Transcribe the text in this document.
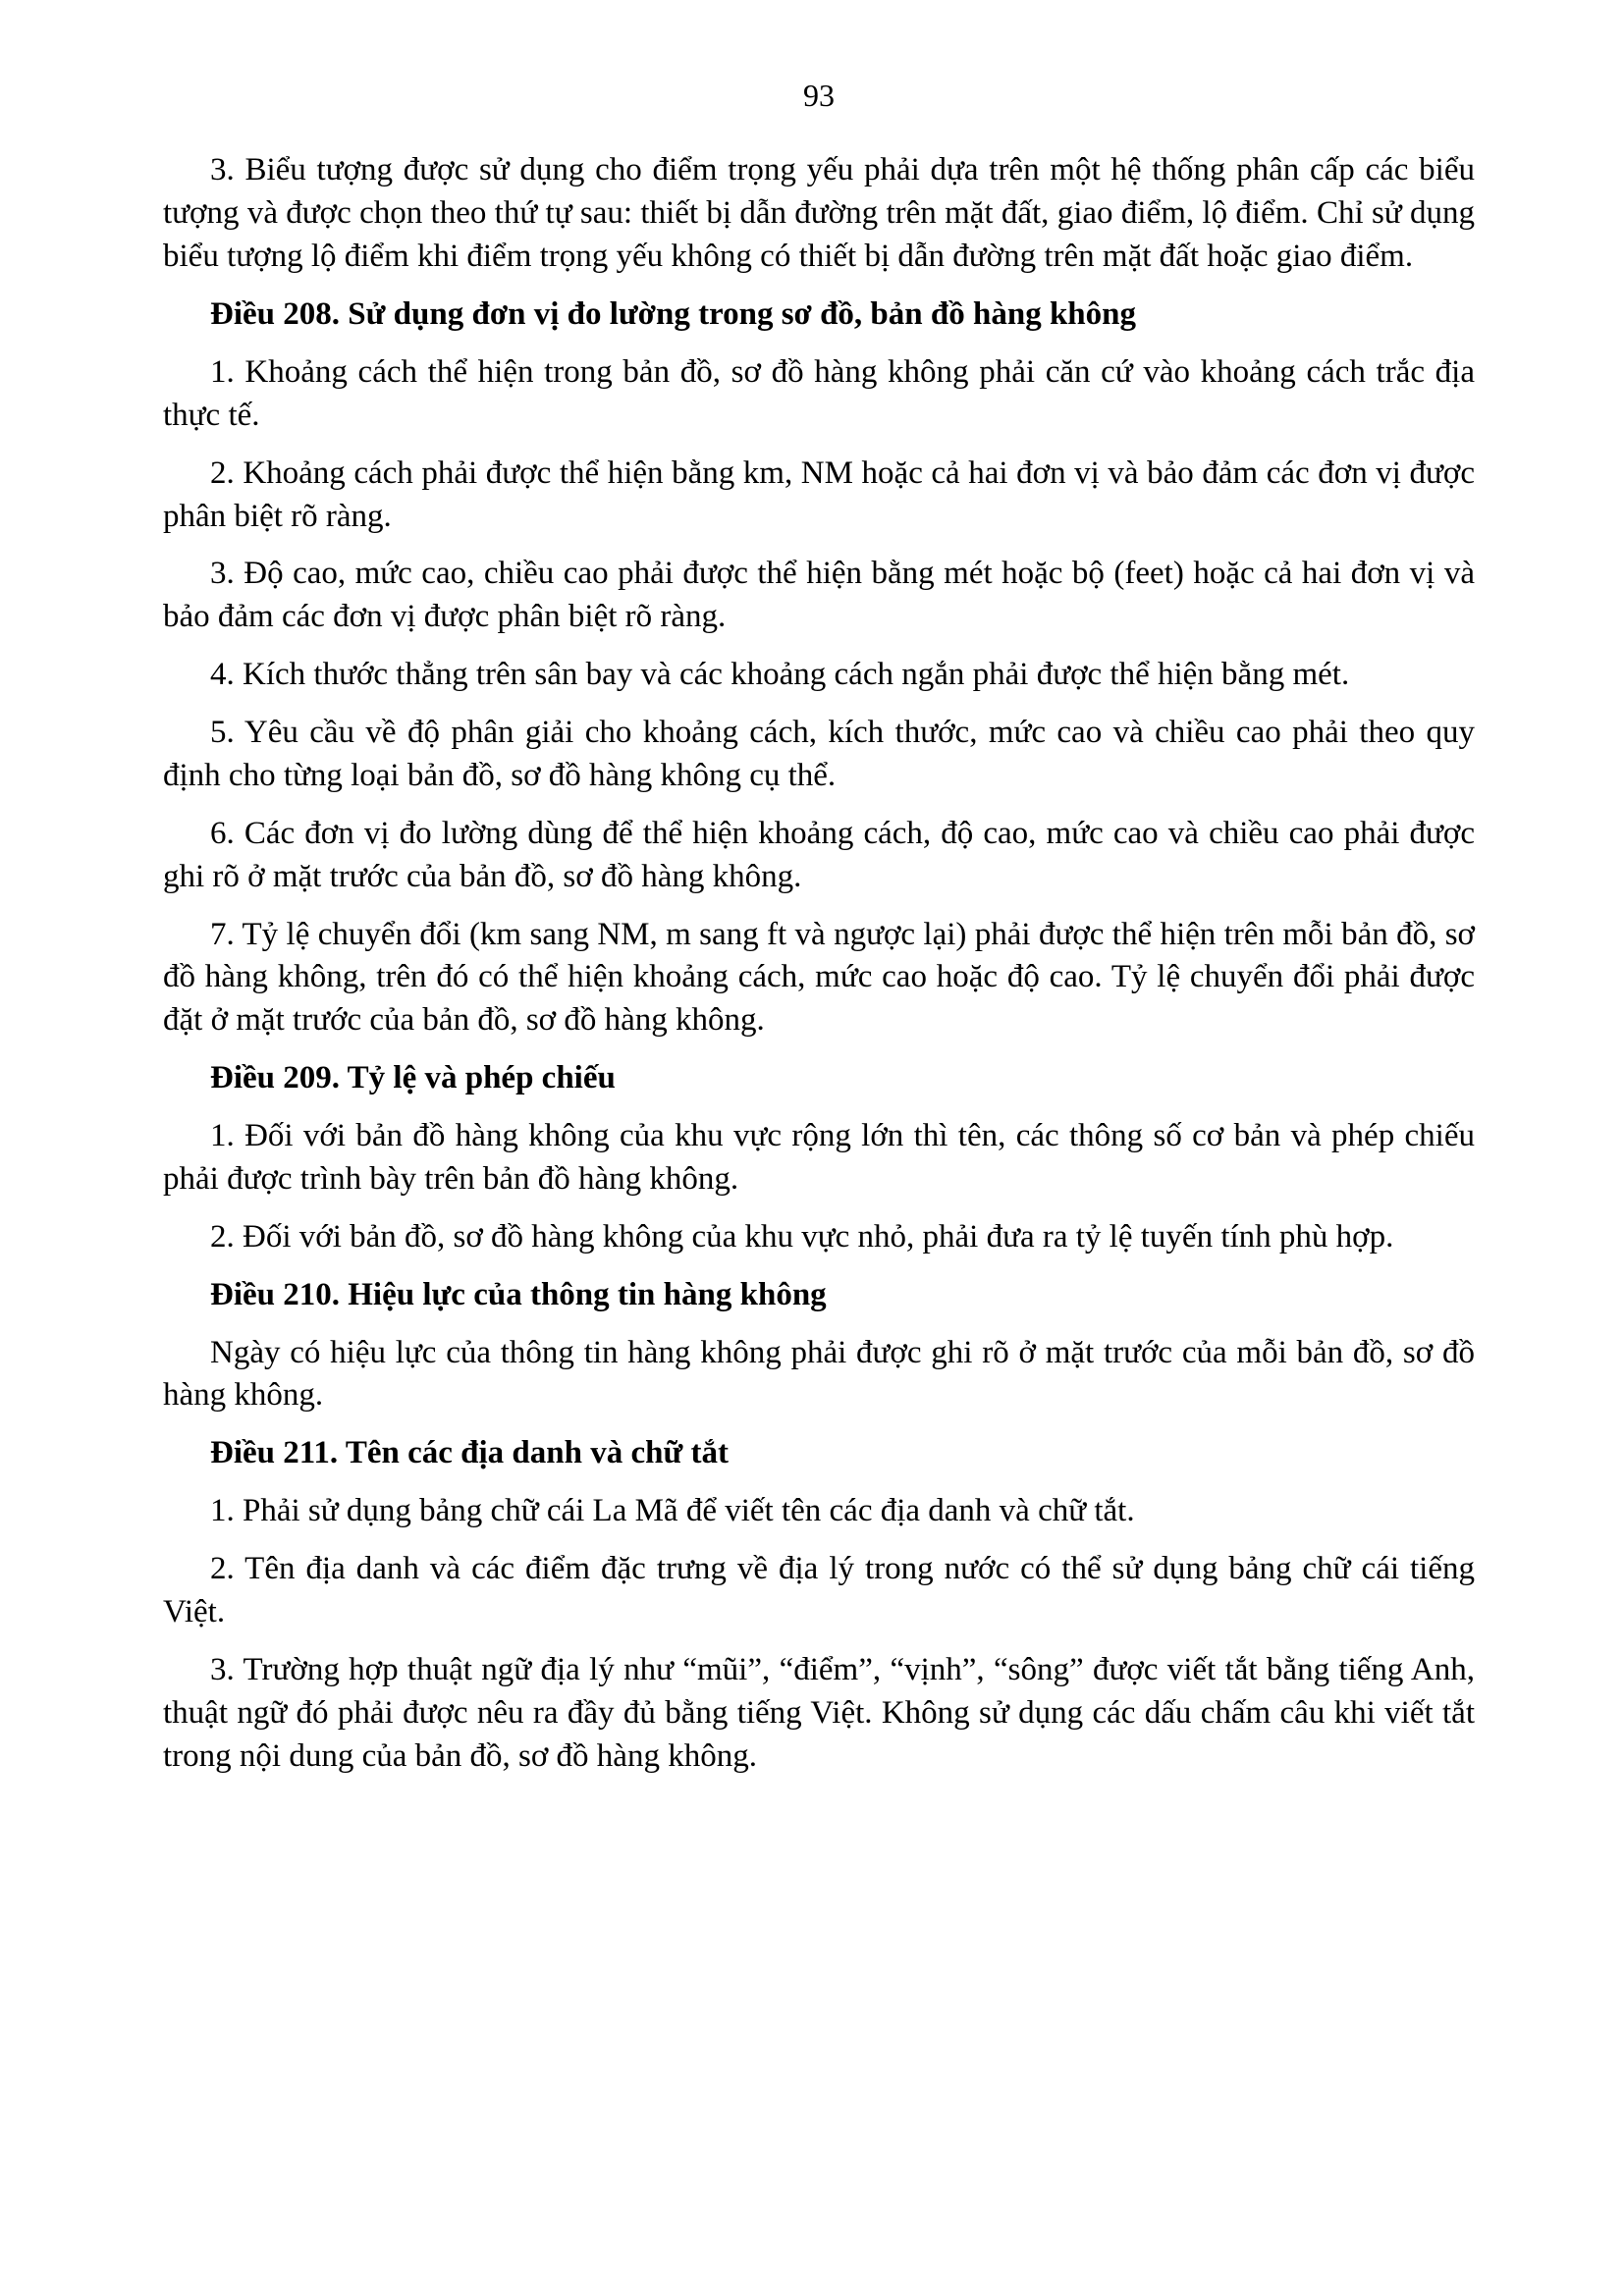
93

3. Biểu tượng được sử dụng cho điểm trọng yếu phải dựa trên một hệ thống phân cấp các biểu tượng và được chọn theo thứ tự sau: thiết bị dẫn đường trên mặt đất, giao điểm, lộ điểm. Chỉ sử dụng biểu tượng lộ điểm khi điểm trọng yếu không có thiết bị dẫn đường trên mặt đất hoặc giao điểm.

Điều 208. Sử dụng đơn vị đo lường trong sơ đồ, bản đồ hàng không

1. Khoảng cách thể hiện trong bản đồ, sơ đồ hàng không phải căn cứ vào khoảng cách trắc địa thực tế.

2. Khoảng cách phải được thể hiện bằng km, NM hoặc cả hai đơn vị và bảo đảm các đơn vị được phân biệt rõ ràng.

3. Độ cao, mức cao, chiều cao phải được thể hiện bằng mét hoặc bộ (feet) hoặc cả hai đơn vị và bảo đảm các đơn vị được phân biệt rõ ràng.

4. Kích thước thẳng trên sân bay và các khoảng cách ngắn phải được thể hiện bằng mét.

5. Yêu cầu về độ phân giải cho khoảng cách, kích thước, mức cao và chiều cao phải theo quy định cho từng loại bản đồ, sơ đồ hàng không cụ thể.

6. Các đơn vị đo lường dùng để thể hiện khoảng cách, độ cao, mức cao và chiều cao phải được ghi rõ ở mặt trước của bản đồ, sơ đồ hàng không.

7. Tỷ lệ chuyển đổi (km sang NM, m sang ft và ngược lại) phải được thể hiện trên mỗi bản đồ, sơ đồ hàng không, trên đó có thể hiện khoảng cách, mức cao hoặc độ cao. Tỷ lệ chuyển đổi phải được đặt ở mặt trước của bản đồ, sơ đồ hàng không.

Điều 209. Tỷ lệ và phép chiếu

1. Đối với bản đồ hàng không của khu vực rộng lớn thì tên, các thông số cơ bản và phép chiếu phải được trình bày trên bản đồ hàng không.

2. Đối với bản đồ, sơ đồ hàng không của khu vực nhỏ, phải đưa ra tỷ lệ tuyến tính phù hợp.

Điều 210. Hiệu lực của thông tin hàng không

Ngày có hiệu lực của thông tin hàng không phải được ghi rõ ở mặt trước của mỗi bản đồ, sơ đồ hàng không.

Điều 211. Tên các địa danh và chữ tắt

1. Phải sử dụng bảng chữ cái La Mã để viết tên các địa danh và chữ tắt.

2. Tên địa danh và các điểm đặc trưng về địa lý trong nước có thể sử dụng bảng chữ cái tiếng Việt.

3. Trường hợp thuật ngữ địa lý như “mũi”, “điểm”, “vịnh”, “sông” được viết tắt bằng tiếng Anh, thuật ngữ đó phải được nêu ra đầy đủ bằng tiếng Việt. Không sử dụng các dấu chấm câu khi viết tắt trong nội dung của bản đồ, sơ đồ hàng không.
